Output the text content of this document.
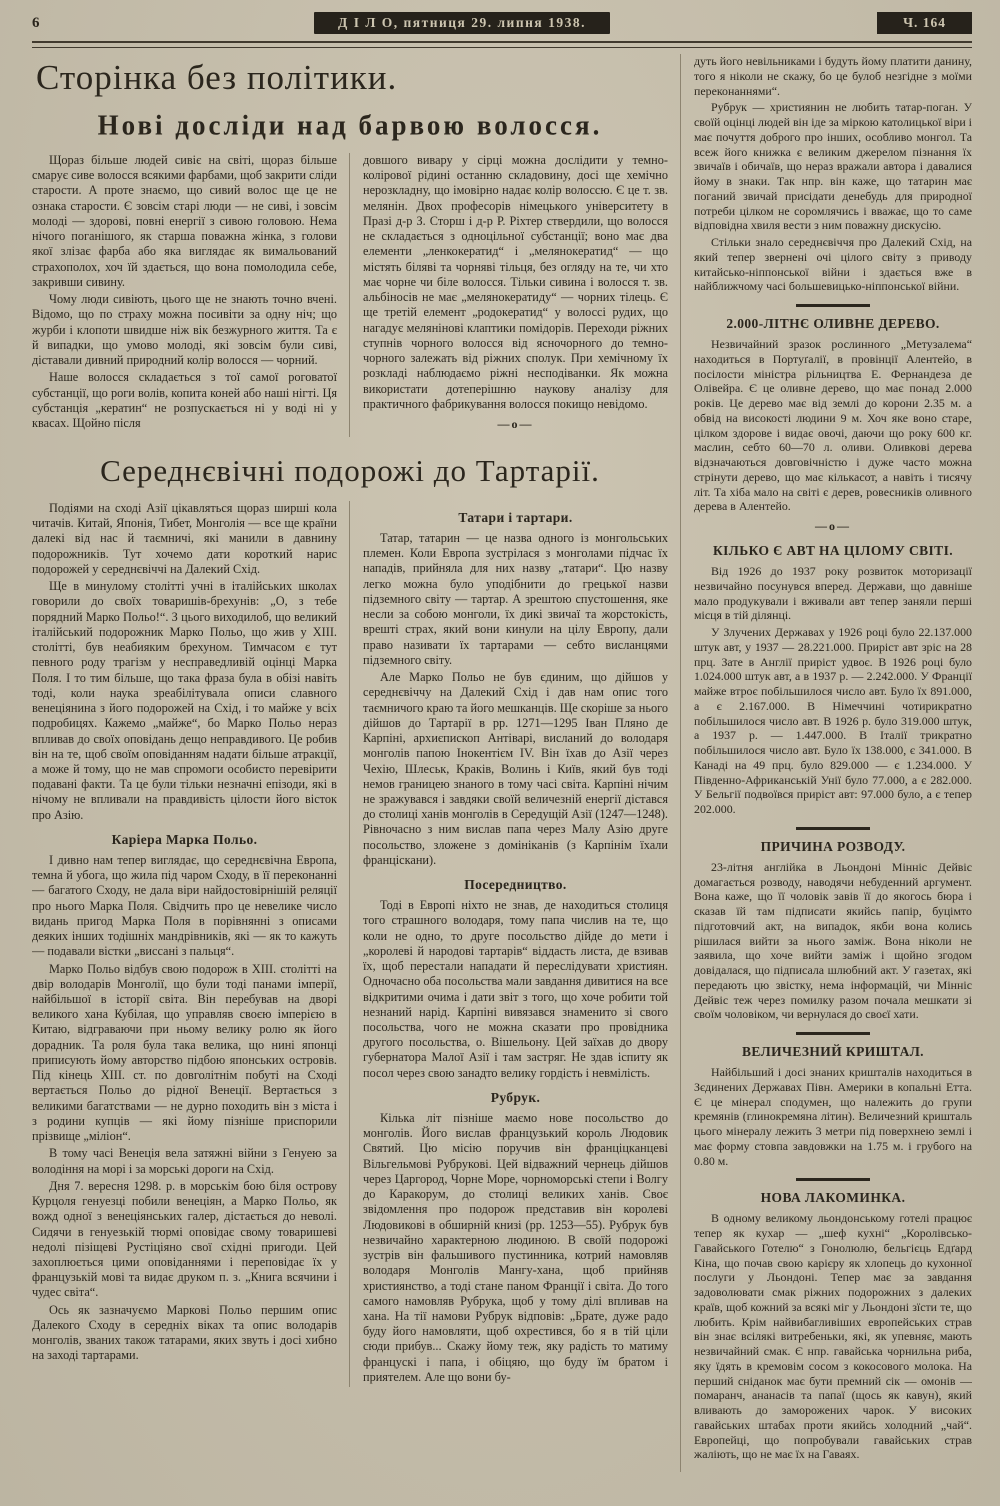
6	Д І Л О, пятниця 29. липня 1938.	Ч. 164
Сторінка без політики.
Нові досліди над барвою волосся.

Щораз більше людей сивіє на світі, щораз більше смарує сиве волосся всякими фарбами, щоб закрити сліди старости. А проте знаємо, що сивий волос ще це не ознака старости. Є зовсім старі люди — не сиві, і зовсім молоді — здорові, повні енергії з сивою головою. Нема нічого поганішого, як старша поважна жінка, з голови якої злізає фарба або яка виглядає як вимальований страхополох, хоч їй здається, що вона помолодила себе, закривши сивину.

Чому люди сивіють, цього ще не знають точно вчені. Відомо, що по страху можна посивіти за одну ніч; що журби і клопоти швидше ніж вік безжурного життя. Та є й випадки, що умово молоді, які зовсім були сиві, діставали дивний природний колір волосся — чорний.

Наше волосся складається з тої самої роговатої субстанції, що роги волів, копита коней або наші нігті. Ця субстанція „кератин“ не розпускається ні у воді ні у квасах. Щойно після

довшого вивару у сірці можна дослідити у темно-колірової рідині останню складовину, досі ще хемічно нерозкладну, що імовірно надає колір волоссю. Є це т. зв. мелянін. Двох професорів німецького університету в Празі д-р З. Сторш і д-р Р. Ріхтер ствердили, що волосся не складається з одноцільної субстанції; воно має два елементи „ленкокератид“ і „мелянокератид“ — що містять біляві та чорняві тільця, без огляду на те, чи хто має чорне чи біле волосся. Тільки сивина і волосся т. зв. альбіносів не має „мелянокератиду“ — чорних тілець. Є ще третій елемент „родокератид“ у волоссі рудих, що нагадує мелянінові клаптики помідорів. Переходи ріжних ступнів чорного волосся від ясночорного до темно-чорного залежать від ріжних сполук. При хемічному їх розкладі наблюдаємо ріжні несподіванки. Як можна використати дотеперішню наукову аналізу для практичного фабрикування волосся покищо невідомо.

—о—
Середнєвічні подорожі до Тартарії.

Подіями на сході Азії цікавляться щораз ширші кола читачів. Китай, Японія, Тибет, Монголія — все ще країни далекі від нас й таємничі, які манили в давнину подорожників. Тут хочемо дати короткий нарис подорожей у середнєвіччі на Далекий Схід.

Ще в минулому столітті учні в італійських школах говорили до своїх товаришів-брехунів: „О, з тебе порядний Марко Польо!“. З цього виходилоб, що великий італійський подорожник Марко Польо, що жив у XIII. столітті, був неабияким брехуном. Тимчасом є тут певного роду трагізм у несправедливій оцінці Марка Поля. І то тим більше, що така фраза була в обізі навіть тоді, коли наука зреабілітувала описи славного венеціянина з його подорожей на Схід, і то майже у всіх подробицях. Кажемо „майже“, бо Марко Польо нераз впливав до своїх оповідань дещо неправдивого. Це робив він на те, щоб своїм оповіданням надати більше атракції, а може й тому, що не мав спромоги особисто перевірити подавані факти. Та це були тільки незначні епізоди, які в нічому не впливали на правдивість цілости його вісток про Азію.

Каріера Марка Польо.

І дивно нам тепер виглядає, що середнєвічна Европа, темна й убога, що жила під чаром Сходу, в її переконанні — багатого Сходу, не дала віри найдостовірнішій реляції про нього Марка Поля. Свідчить про це невелике число видань пригод Марка Поля в порівнянні з описами деяких інших тодішніх мандрівників, які — як то кажуть — подавали вістки „виссані з пальця“.

Марко Польо відбув свою подорож в XIII. столітті на двір володарів Монголії, що були тоді панами імперії, найбільшої в історії світа. Він перебував на дворі великого хана Кубілая, що управляв своєю імперією в Китаю, відграваючи при ньому велику ролю як його дорадник. Та роля була така велика, що нині японці приписують йому авторство підбою японських островів. Під кінець XIII. ст. по довголітнім побуті на Сході вертається Польо до рідної Венеції. Вертається з великими багатствами — не дурно походить він з міста і з родини купців — які йому пізніше приспорили прізвище „міліон“.

В тому часі Венеція вела затяжні війни з Генуею за володіння на морі і за морські дороги на Схід.

Дня 7. вересня 1298. р. в морськім бою біля острову Курцоля генуезці побили венеціян, а Марко Польо, як вожд одної з венеціянських галер, дістається до неволі. Сидячи в генуезькій тюрмі оповідає свому товаришеві недолі пізіщеві Рустіціяно свої східні пригоди. Цей захоплюється цими оповіданнями і переповідає їх у французькій мові та видає друком п. з. „Книга всячини і чудес світа“.

Ось як зазначуємо Маркові Польо першим опис Далекого Сходу в середніх віках та опис володарів монголів, званих також татарами, яких звуть і досі хибно на заході тартарами.

Татари і тартари.

Татар, татарин — це назва одного із монгольських племен. Коли Европа зустрілася з монголами підчас їх нападів, прийняла для них назву „татари“. Цю назву легко можна було уподібнити до грецької назви підземного світу — тартар. А зрештою спустошення, яке несли за собою монголи, їх дикі звичаї та жорстокість, врешті страх, який вони кинули на цілу Европу, дали право називати їх тартарами — себто висланцями підземного світу.

Але Марко Польо не був єдиним, що дійшов у середнєвіччу на Далекий Схід і дав нам опис того таємничого краю та його мешканців. Ще скоріше за нього дійшов до Тартарії в рр. 1271—1295 Іван Пляно де Карпіні, архиєпископ Антіварі, висланий до володаря монголів папою Інокентієм IV. Він їхав до Азії через Чехію, Шлеськ, Краків, Волинь і Київ, який був тоді немов границею знаного в тому часі світа. Карпіні нічим не зражувався і завдяки своїй величезній енергії дістався до столиці ханів монголів в Середущій Азії (1247—1248). Рівночасно з ним вислав папа через Малу Азію друге посольство, зложене з домініканів (з Карпінім їхали франціскани).

Посередництво.

Тоді в Европі ніхто не знав, де находиться столиця того страшного володаря, тому папа числив на те, що коли не одно, то друге посольство дійде до мети і „королеві й народові тартарів“ віддасть листа, де взивав їх, щоб перестали нападати й переслідувати християн. Одночасно оба посольства мали завдання дивитися на все відкритими очима і дати звіт з того, що хоче робити той незнаний нарід. Карпіні вивязався знаменито зі свого посольства, чого не можна сказати про провідника другого посольства, о. Вішельону. Цей заїхав до двору губернатора Малої Азії і там застряг. Не здав іспиту як посол через свою занадто велику гордість і невмілість.

Рубрук.

Кілька літ пізніше маємо нове посольство до монголів. Його вислав французький король Людовик Святий. Цю місію поручив він франціцканцеві Вільгельмові Рубрукові. Цей відважний чернець дійшов через Царгород, Чорне Море, чорноморські степи і Волгу до Каракорум, до столиці великих ханів. Своє звідомлення про подорож представив він королеві Людовикові в обширній книзі (рр. 1253—55). Рубрук був незвичайно характерною людиною. В своїй подорожі зустрів він фальшивого пустинника, котрий намовляв володаря Монголів Мангу-хана, щоб прийняв християнство, а тоді стане паном Франції і світа. До того самого намовляв Рубрука, щоб у тому ділі впливав на хана. На тії намови Рубрук відповів: „Брате, дуже радо буду його намовляти, щоб охрестився, бо я в тій ціли сюди прибув... Скажу йому теж, яку радість то матиму францускі і папа, і обіцяю, що буду їм братом і приятелем. Але що вони бу-

дуть його невільниками і будуть йому платити данину, того я ніколи не скажу, бо це булоб незгідне з моїми переконаннями“.

Рубрук — християнин не любить татар-поган. У своїй оцінці людей він іде за міркою католицької віри і має почуття доброго про інших, особливо монгол. Та всеж його книжка є великим джерелом пізнання їх звичаїв і обичаїв, що нераз вражали автора і давалися йому в знаки. Так нпр. він каже, що татарин має поганий звичай присідати денебудь для природної потреби цілком не соромлячись і вважає, що то саме відповідна хвиля вести з ним поважну дискусію.

Стільки знало середнєвіччя про Далекий Схід, на який тепер звернені очі цілого світу з приводу китайсько-ніппонської війни і здається вже в найближчому часі большевицько-ніппонської війни.

2.000-ЛІТНЄ ОЛИВНЕ ДЕРЕВО.

Незвичайний зразок рослинного „Метузалема“ находиться в Портуґалії, в провінції Алентейо, в посілости міністра рільництва Е. Фернандеза де Олівейра. Є це оливне дерево, що має понад 2.000 років. Це дерево має від землі до корони 2.35 м. а обвід на високості людини 9 м. Хоч яке воно старе, цілком здорове і видає овочі, даючи що року 600 кг. маслин, себто 60—70 л. оливи. Оливкові дерева відзначаються довговічністю і дуже часто можна стрінути дерево, що має кількасот, а навіть і тисячу літ. Та хіба мало на світі є дерев, ровесників оливного дерева в Алентейо.

—о—
КІЛЬКО Є АВТ НА ЦІЛОМУ СВІТІ.

Від 1926 до 1937 року розвиток моторизації незвичайно посунувся вперед. Держави, що давніше мало продукували і вживали авт тепер заняли перші місця в тій ділянці.

У Злучених Державах у 1926 році було 22.137.000 штук авт, у 1937 — 28.221.000. Приріст авт зріс на 28 прц. Зате в Англії приріст удвоє. В 1926 році було 1.024.000 штук авт, а в 1937 р. — 2.242.000. У Франції майже втроє побільшилося число авт. Було їх 891.000, а є 2.167.000. В Німеччині чотирикратно побільшилося число авт. В 1926 р. було 319.000 штук, а 1937 р. — 1.447.000. В Італії трикратно побільшилося число авт. Було їх 138.000, є 341.000. В Канаді на 49 прц. було 829.000 — є 1.234.000. У Південно-Африканській Унії було 77.000, а є 282.000. У Бельгії подвоївся приріст авт: 97.000 було, а є тепер 202.000.

ПРИЧИНА РОЗВОДУ.

23-літня англійка в Льондоні Мінніс Дейвіс домагається розводу, наводячи небуденний аргумент. Вона каже, що її чоловік завів її до якогось бюра і сказав їй там підписати якийсь папір, буцімто підготовчий акт, на випадок, якби вона колись рішилася вийти за нього заміж. Вона ніколи не заявила, що хоче вийти заміж і щойно згодом довідалася, що підписала шлюбний акт. У газетах, які передають цю звістку, нема інформацій, чи Мінніс Дейвіс теж через помилку разом почала мешкати зі своїм чоловіком, чи вернулася до своєї хати.

ВЕЛИЧЕЗНИЙ КРИШТАЛ.

Найбільший і досі знаних кришталів находиться в Зєдинених Державах Півн. Америки в копальні Етта. Є це мінерал сподумен, що належить до групи кремянів (глинокремяна літин). Величезний кришталь цього мінералу лежить 3 метри під поверхнею землі і має форму стовпа завдовжки на 1.75 м. і грубого на 0.80 м.

НОВА ЛАКОМИНКА.

В одному великому льондонському готелі працює тепер як кухар — „шеф кухні“ „Королівсько-Гавайського Готелю“ з Гонолюлю, бельгієць Едґард Кіна, що почав свою карієру як хлопець до кухонної послуги у Льондоні. Тепер має за завдання задоволювати смак ріжних подорожних з далеких країв, щоб кожний за всякі міг у Льондоні зїсти те, що любить. Крім найвибагливіших европейських страв він знає всілякі витребеньки, які, як упевняє, мають незвичайний смак. Є нпр. гавайська чорнильна риба, яку їдять в кремовім сосом з кокосового молока. На перший сніданок має бути премний сік — омонів — помаранч, ананасів та папаї (щось як кавун), який вливають до заморожених чарок. У високих гавайських штабах проти якийсь холодний „чай“. Европейці, що попробували гавайських страв жаліють, що не має їх на Гаваях.
